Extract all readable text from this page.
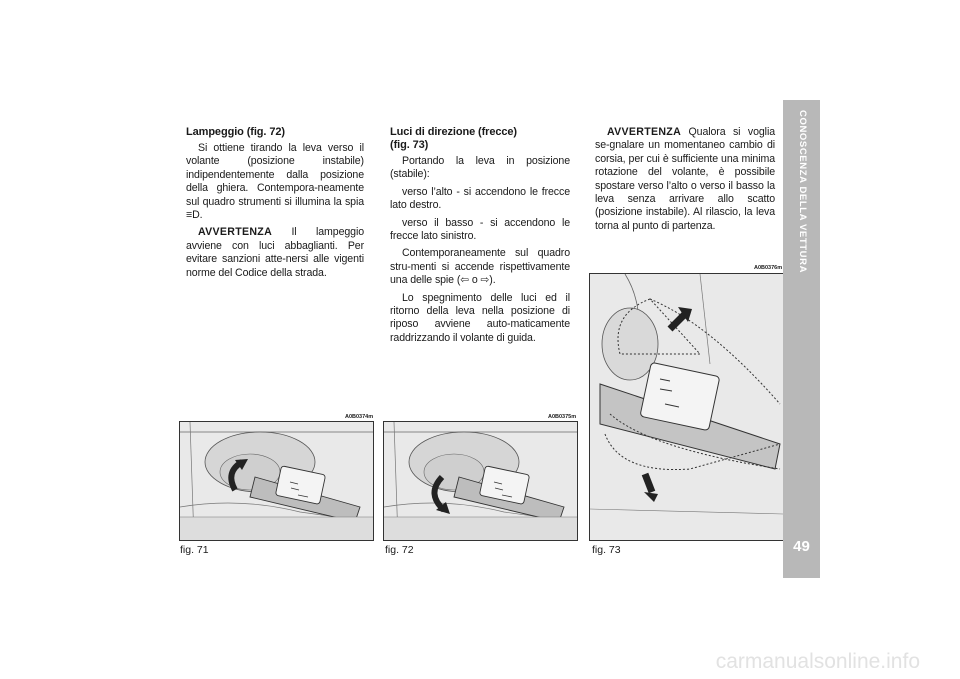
Lampeggio (fig. 72)

Si ottiene tirando la leva verso il volante (posizione instabile) indipendentemente dalla posizione della ghiera. Contempora-neamente sul quadro strumenti si illumina la spia ≡D.

AVVERTENZA Il lampeggio avviene con luci abbaglianti. Per evitare sanzioni atte-nersi alle vigenti norme del Codice della strada.

Luci di direzione (frecce)
(fig. 73)

Portando la leva in posizione (stabile):

verso l’alto - si accendono le frecce lato destro.

verso il basso - si accendono le frecce lato sinistro.

Contemporaneamente sul quadro stru-menti si accende rispettivamente una delle spie (⇦ o ⇨).

Lo spegnimento delle luci ed il ritorno della leva nella posizione di riposo avviene auto-maticamente raddrizzando il volante di guida.

AVVERTENZA Qualora si voglia se-gnalare un momentaneo cambio di corsia, per cui è sufficiente una minima rotazione del volante, è possibile spostare verso l’alto o verso il basso la leva senza arrivare allo scatto (posizione instabile). Al rilascio, la leva torna al punto di partenza.

A0B0374m
fig. 71
A0B0375m
fig. 72
A0B0376m
fig. 73
CONOSCENZA DELLA VETTURA
49
carmanualsonline.info
